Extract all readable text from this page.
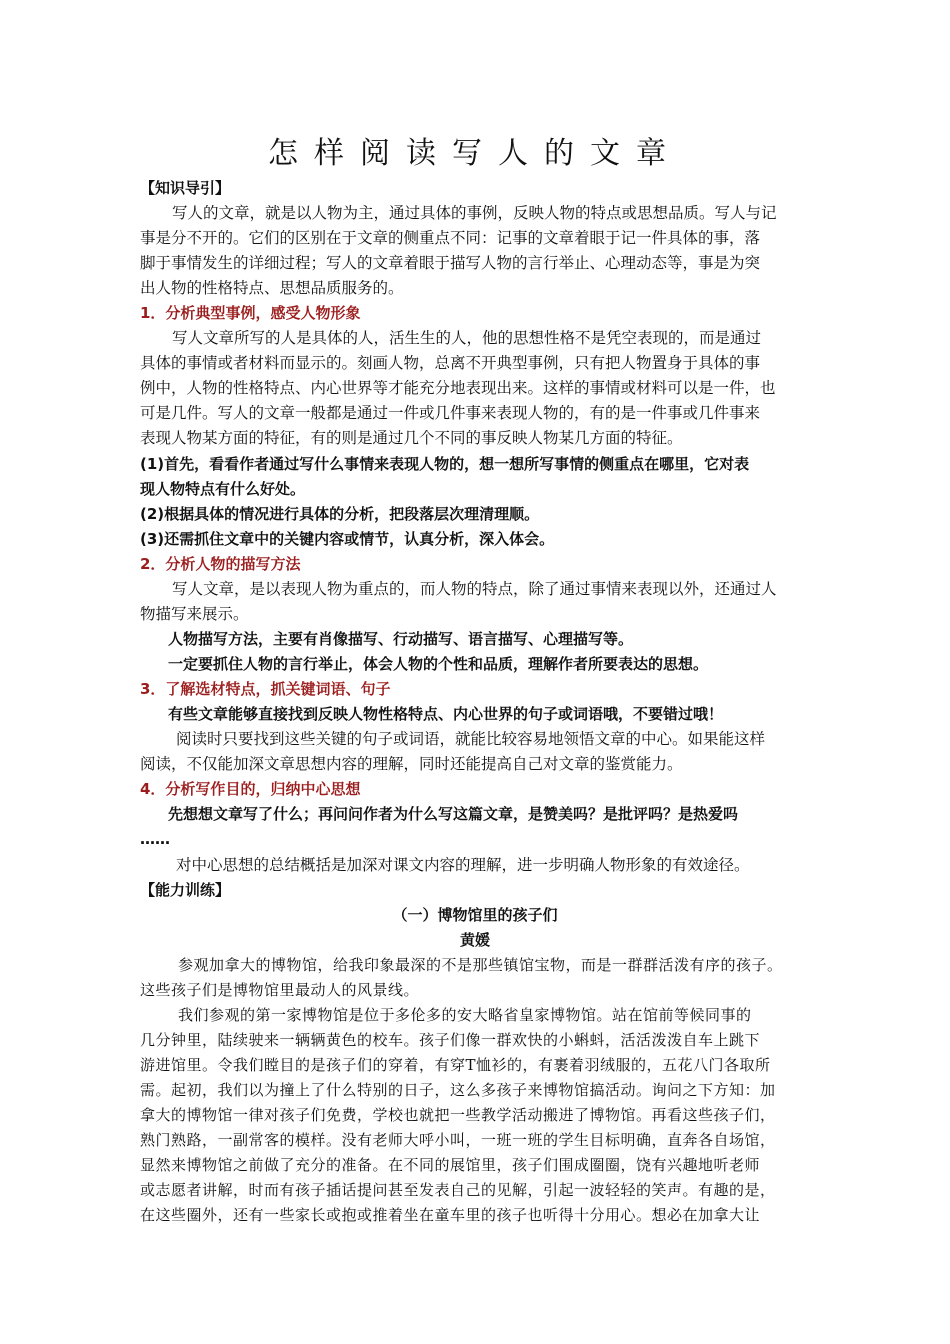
怎样阅读写人的文章
【知识导引】
写人的文章，就是以人物为主，通过具体的事例，反映人物的特点或思想品质。写人与记
事是分不开的。它们的区别在于文章的侧重点不同：记事的文章着眼于记一件具体的事，落
脚于事情发生的详细过程；写人的文章着眼于描写人物的言行举止、心理动态等，事是为突
出人物的性格特点、思想品质服务的。
1．分析典型事例，感受人物形象
写人文章所写的人是具体的人，活生生的人，他的思想性格不是凭空表现的，而是通过
具体的事情或者材料而显示的。刻画人物，总离不开典型事例，只有把人物置身于具体的事
例中，人物的性格特点、内心世界等才能充分地表现出来。这样的事情或材料可以是一件，也
可是几件。写人的文章一般都是通过一件或几件事来表现人物的，有的是一件事或几件事来
表现人物某方面的特征，有的则是通过几个不同的事反映人物某几方面的特征。
(1)首先，看看作者通过写什么事情来表现人物的，想一想所写事情的侧重点在哪里，它对表
现人物特点有什么好处。
(2)根据具体的情况进行具体的分析，把段落层次理清理顺。
(3)还需抓住文章中的关键内容或情节，认真分析，深入体会。
2．分析人物的描写方法
写人文章，是以表现人物为重点的，而人物的特点，除了通过事情来表现以外，还通过人
物描写来展示。
人物描写方法，主要有肖像描写、行动描写、语言描写、心理描写等。
一定要抓住人物的言行举止，体会人物的个性和品质，理解作者所要表达的思想。
3．了解选材特点，抓关键词语、句子
有些文章能够直接找到反映人物性格特点、内心世界的句子或词语哦，不要错过哦！
阅读时只要找到这些关键的句子或词语，就能比较容易地领悟文章的中心。如果能这样
阅读，不仅能加深文章思想内容的理解，同时还能提高自己对文章的鉴赏能力。
4．分析写作目的，归纳中心思想
先想想文章写了什么；再问问作者为什么写这篇文章，是赞美吗？是批评吗？是热爱吗
……
对中心思想的总结概括是加深对课文内容的理解，进一步明确人物形象的有效途径。
【能力训练】
（一）博物馆里的孩子们
黄媛
参观加拿大的博物馆，给我印象最深的不是那些镇馆宝物，而是一群群活泼有序的孩子。
这些孩子们是博物馆里最动人的风景线。
我们参观的第一家博物馆是位于多伦多的安大略省皇家博物馆。站在馆前等候同事的
几分钟里，陆续驶来一辆辆黄色的校车。孩子们像一群欢快的小蝌蚪，活活泼泼自车上跳下
游进馆里。令我们瞠目的是孩子们的穿着，有穿T恤衫的，有裹着羽绒服的，五花八门各取所
需。起初，我们以为撞上了什么特别的日子，这么多孩子来博物馆搞活动。询问之下方知：加
拿大的博物馆一律对孩子们免费，学校也就把一些教学活动搬进了博物馆。再看这些孩子们，
熟门熟路，一副常客的模样。没有老师大呼小叫，一班一班的学生目标明确，直奔各自场馆，
显然来博物馆之前做了充分的准备。在不同的展馆里，孩子们围成圈圈，饶有兴趣地听老师
或志愿者讲解，时而有孩子插话提问甚至发表自己的见解，引起一波轻轻的笑声。有趣的是，
在这些圈外，还有一些家长或抱或推着坐在童车里的孩子也听得十分用心。想必在加拿大让
